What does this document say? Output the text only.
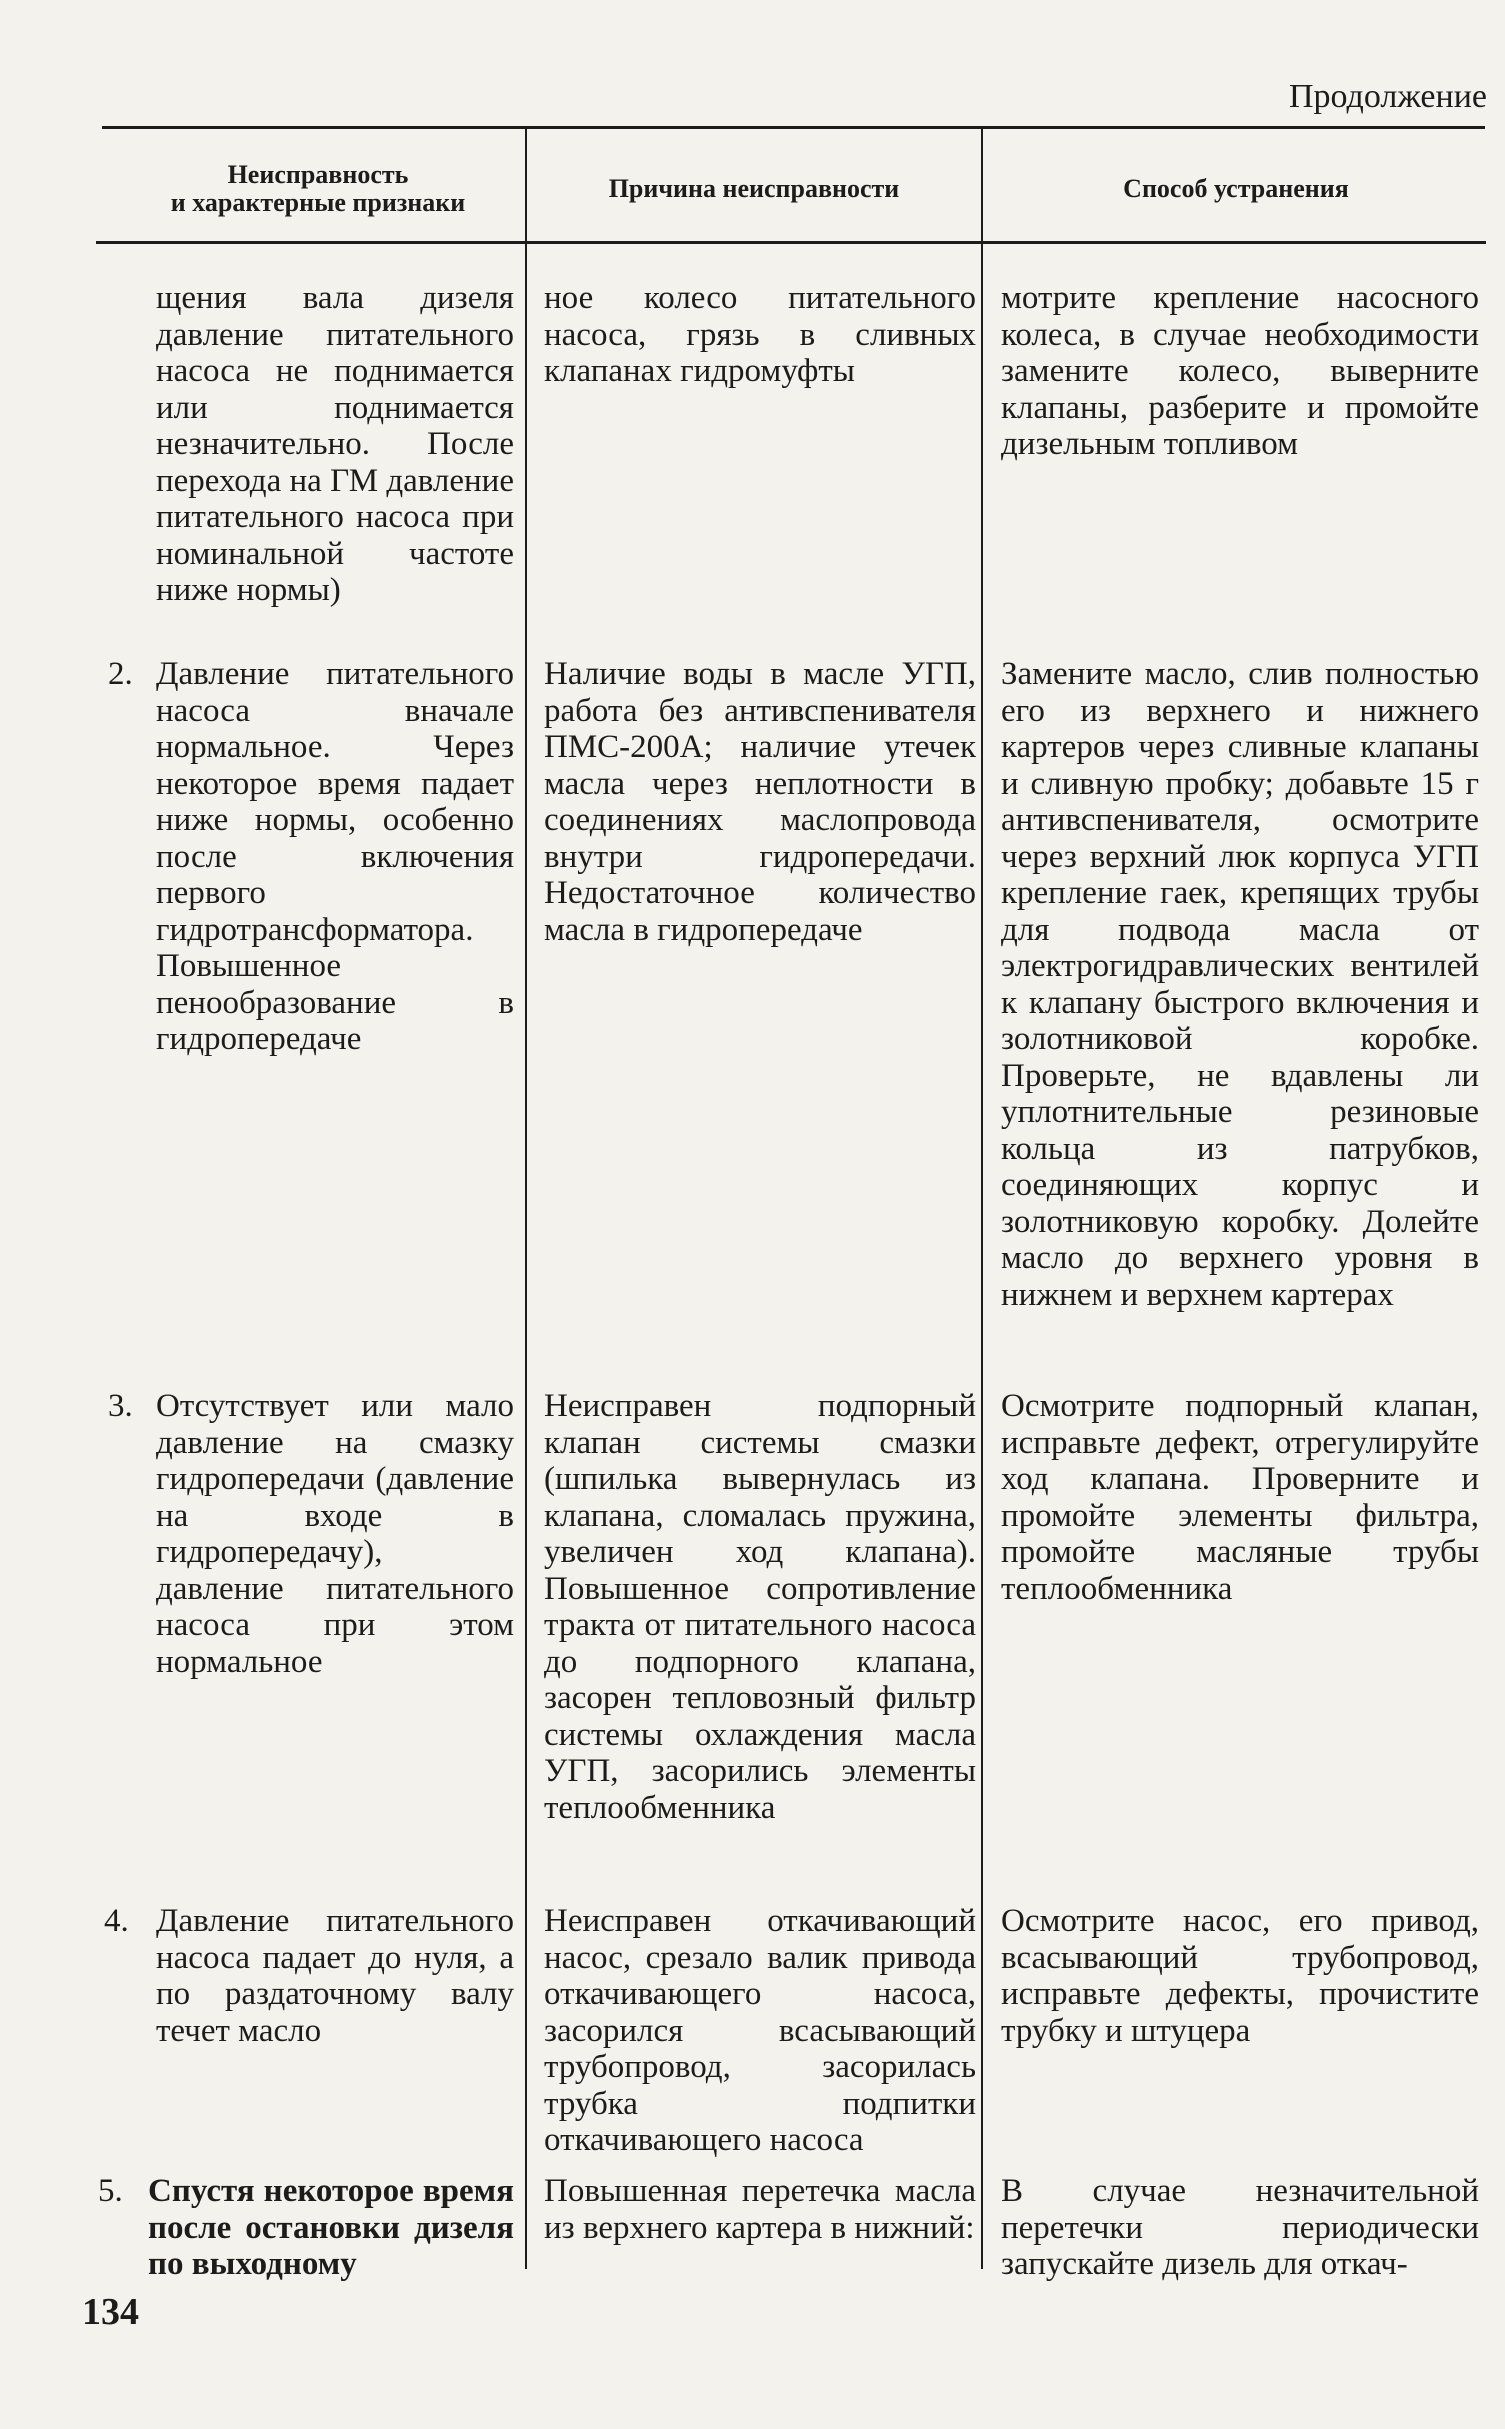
Продолжение
Неисправность
и характерные признаки	Причина неисправности	Способ устранения
щения вала дизеля давление питательного насоса не поднимается или поднимается незначительно. После перехода на ГМ давление питательного насоса при номинальной частоте ниже нормы)
ное колесо питательного насоса, грязь в сливных клапанах гидромуфты
мотрите крепление насосного колеса, в случае необходимости замените колесо, выверните клапаны, разберите и промойте дизельным топливом
2. Давление питательного насоса вначале нормальное. Через некоторое время падает ниже нормы, особенно после включения первого гидротрансформатора. Повышенное пенообразование в гидропередаче
Наличие воды в масле УГП, работа без антивспенивателя ПМС-200А; наличие утечек масла через неплотности в соединениях маслопровода внутри гидропередачи. Недостаточное количество масла в гидропередаче
Замените масло, слив полностью его из верхнего и нижнего картеров через сливные клапаны и сливную пробку; добавьте 15 г антивспенивателя, осмотрите через верхний люк корпуса УГП крепление гаек, крепящих трубы для подвода масла от электрогидравлических вентилей к клапану быстрого включения и золотниковой коробке. Проверьте, не вдавлены ли уплотнительные резиновые кольца из патрубков, соединяющих корпус и золотниковую коробку. Долейте масло до верхнего уровня в нижнем и верхнем картерах
3. Отсутствует или мало давление на смазку гидропередачи (давление на входе в гидропередачу), давление питательного насоса при этом нормальное
Неисправен подпорный клапан системы смазки (шпилька вывернулась из клапана, сломалась пружина, увеличен ход клапана). Повышенное сопротивление тракта от питательного насоса до подпорного клапана, засорен тепловозный фильтр системы охлаждения масла УГП, засорились элементы теплообменника
Осмотрите подпорный клапан, исправьте дефект, отрегулируйте ход клапана. Проверните и промойте элементы фильтра, промойте масляные трубы теплообменника
4. Давление питательного насоса падает до нуля, а по раздаточному валу течет масло
Неисправен откачивающий насос, срезало валик привода откачивающего насоса, засорился всасывающий трубопровод, засорилась трубка подпитки откачивающего насоса
Осмотрите насос, его привод, всасывающий трубопровод, исправьте дефекты, прочистите трубку и штуцера
5. Спустя некоторое время после остановки дизеля по выходному
Повышенная перетечка масла из верхнего картера в нижний:
В случае незначительной перетечки периодически запускайте дизель для откач-
134
